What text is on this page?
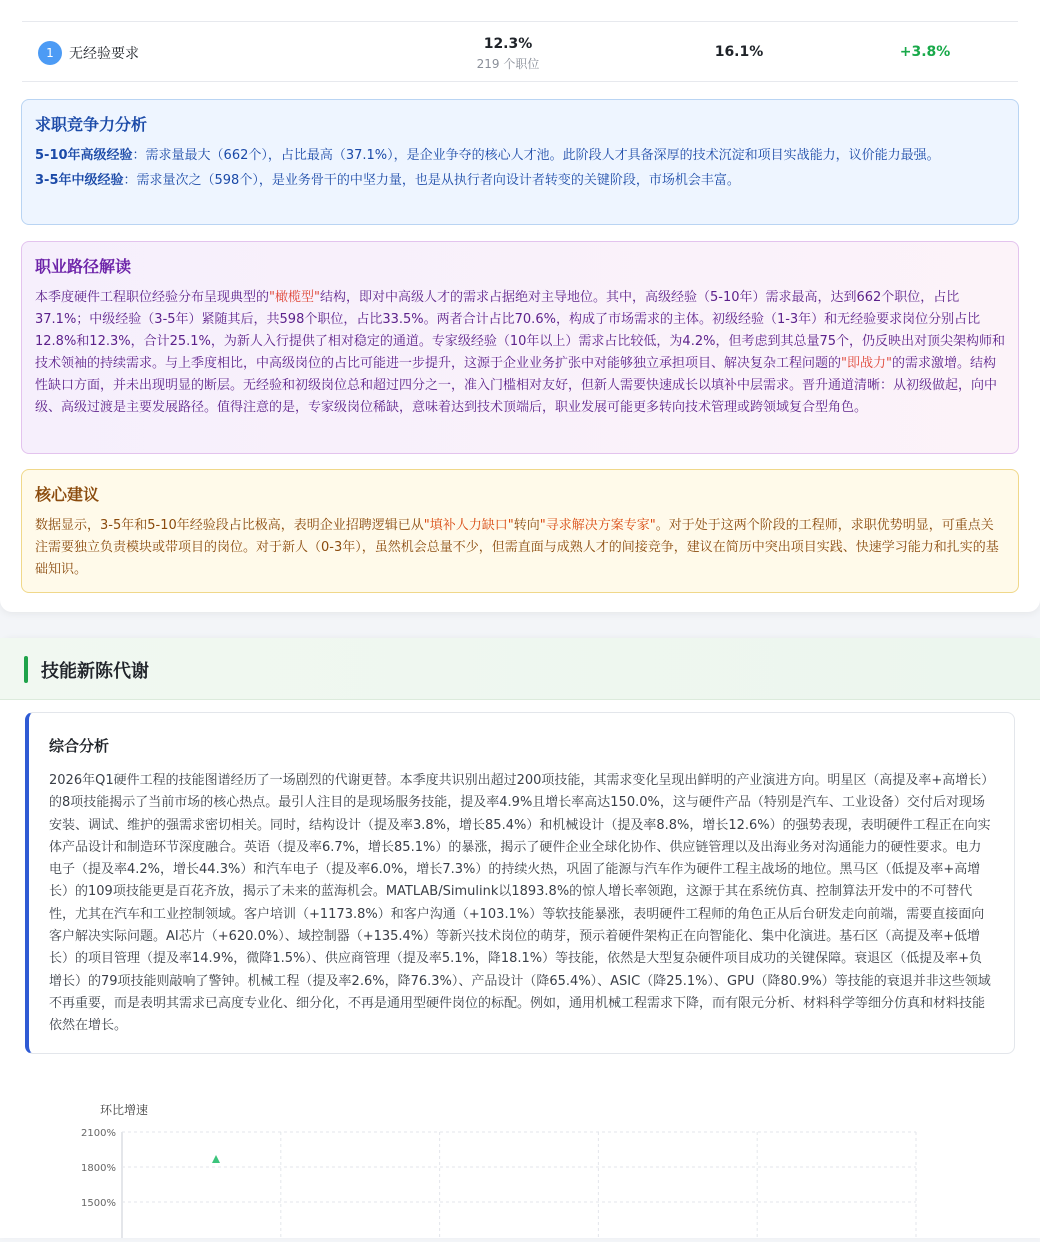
1	无经验要求
12.3%
219 个职位
16.1%	+3.8%
求职竞争力分析

5-10年高级经验：需求量最大（662个），占比最高（37.1%），是企业争夺的核心人才池。此阶段人才具备深厚的技术沉淀和项目实战能力，议价能力最强。

3-5年中级经验：需求量次之（598个），是业务骨干的中坚力量，也是从执行者向设计者转变的关键阶段，市场机会丰富。

职业路径解读

本季度硬件工程职位经验分布呈现典型的"橄榄型"结构，即对中高级人才的需求占据绝对主导地位。其中，高级经验（5-10年）需求最高，达到662个职位，占比37.1%；中级经验（3-5年）紧随其后，共598个职位，占比33.5%。两者合计占比70.6%，构成了市场需求的主体。初级经验（1-3年）和无经验要求岗位分别占比12.8%和12.3%，合计25.1%，为新人入行提供了相对稳定的通道。专家级经验（10年以上）需求占比较低，为4.2%，但考虑到其总量75个，仍反映出对顶尖架构师和技术领袖的持续需求。与上季度相比，中高级岗位的占比可能进一步提升，这源于企业业务扩张中对能够独立承担项目、解决复杂工程问题的"即战力"的需求激增。结构性缺口方面，并未出现明显的断层。无经验和初级岗位总和超过四分之一，准入门槛相对友好，但新人需要快速成长以填补中层需求。晋升通道清晰：从初级做起，向中级、高级过渡是主要发展路径。值得注意的是，专家级岗位稀缺，意味着达到技术顶端后，职业发展可能更多转向技术管理或跨领域复合型角色。

核心建议

数据显示，3-5年和5-10年经验段占比极高，表明企业招聘逻辑已从"填补人力缺口"转向"寻求解决方案专家"。对于处于这两个阶段的工程师，求职优势明显，可重点关注需要独立负责模块或带项目的岗位。对于新人（0-3年），虽然机会总量不少，但需直面与成熟人才的间接竞争，建议在简历中突出项目实践、快速学习能力和扎实的基础知识。

技能新陈代谢
综合分析

2026年Q1硬件工程的技能图谱经历了一场剧烈的代谢更替。本季度共识别出超过200项技能，其需求变化呈现出鲜明的产业演进方向。明星区（高提及率+高增长）的8项技能揭示了当前市场的核心热点。最引人注目的是现场服务技能，提及率4.9%且增长率高达150.0%，这与硬件产品（特别是汽车、工业设备）交付后对现场安装、调试、维护的强需求密切相关。同时，结构设计（提及率3.8%，增长85.4%）和机械设计（提及率8.8%，增长12.6%）的强势表现，表明硬件工程正在向实体产品设计和制造环节深度融合。英语（提及率6.7%，增长85.1%）的暴涨，揭示了硬件企业全球化协作、供应链管理以及出海业务对沟通能力的硬性要求。电力电子（提及率4.2%，增长44.3%）和汽车电子（提及率6.0%，增长7.3%）的持续火热，巩固了能源与汽车作为硬件工程主战场的地位。黑马区（低提及率+高增长）的109项技能更是百花齐放，揭示了未来的蓝海机会。MATLAB/Simulink以1893.8%的惊人增长率领跑，这源于其在系统仿真、控制算法开发中的不可替代性，尤其在汽车和工业控制领域。客户培训（+1173.8%）和客户沟通（+103.1%）等软技能暴涨，表明硬件工程师的角色正从后台研发走向前端，需要直接面向客户解决实际问题。AI芯片（+620.0%）、域控制器（+135.4%）等新兴技术岗位的萌芽，预示着硬件架构正在向智能化、集中化演进。基石区（高提及率+低增长）的项目管理（提及率14.9%，微降1.5%）、供应商管理（提及率5.1%，降18.1%）等技能，依然是大型复杂硬件项目成功的关键保障。衰退区（低提及率+负增长）的79项技能则敲响了警钟。机械工程（提及率2.6%，降76.3%）、产品设计（降65.4%）、ASIC（降25.1%）、GPU（降80.9%）等技能的衰退并非这些领域不再重要，而是表明其需求已高度专业化、细分化，不再是通用型硬件岗位的标配。例如，通用机械工程需求下降，而有限元分析、材料科学等细分仿真和材料技能依然在增长。

环比增速
2100%
1800%
1500%
